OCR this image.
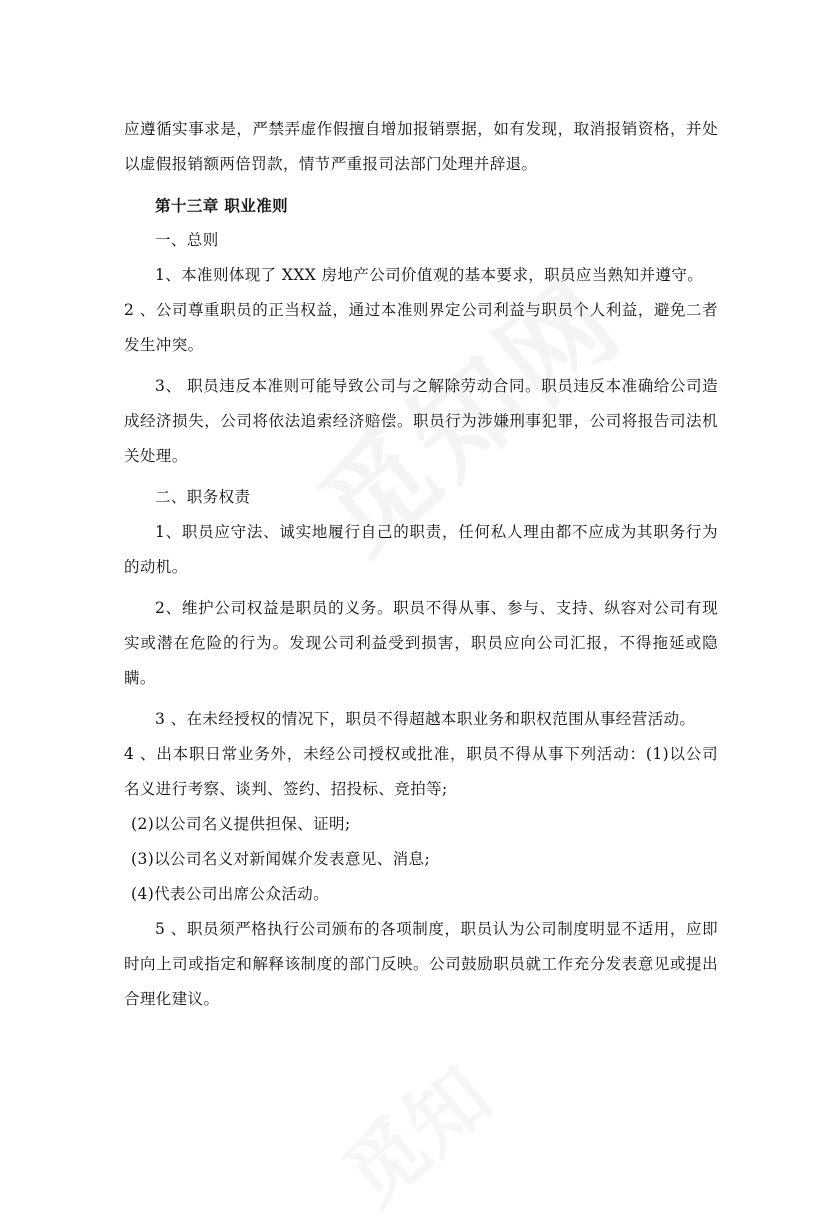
应遵循实事求是，严禁弄虚作假擅自增加报销票据，如有发现，取消报销资格，并处以虚假报销额两倍罚款，情节严重报司法部门处理并辞退。

第十三章 职业准则

一、总则

1、本准则体现了 XXX 房地产公司价值观的基本要求，职员应当熟知并遵守。

2 、公司尊重职员的正当权益，通过本准则界定公司利益与职员个人利益，避免二者发生冲突。

3、 职员违反本准则可能导致公司与之解除劳动合同。职员违反本准确给公司造成经济损失，公司将依法追索经济赔偿。职员行为涉嫌刑事犯罪，公司将报告司法机关处理。

二、职务权责

1、职员应守法、诚实地履行自己的职责，任何私人理由都不应成为其职务行为的动机。

2、维护公司权益是职员的义务。职员不得从事、参与、支持、纵容对公司有现实或潜在危险的行为。发现公司利益受到损害，职员应向公司汇报，不得拖延或隐瞒。

3 、在未经授权的情况下，职员不得超越本职业务和职权范围从事经营活动。

4 、出本职日常业务外，未经公司授权或批准，职员不得从事下列活动：(1)以公司名义进行考察、谈判、签约、招投标、竞拍等;

(2)以公司名义提供担保、证明;

(3)以公司名义对新闻媒介发表意见、消息;

(4)代表公司出席公众活动。

5 、职员须严格执行公司颁布的各项制度，职员认为公司制度明显不适用，应即时向上司或指定和解释该制度的部门反映。公司鼓励职员就工作充分发表意见或提出合理化建议。
